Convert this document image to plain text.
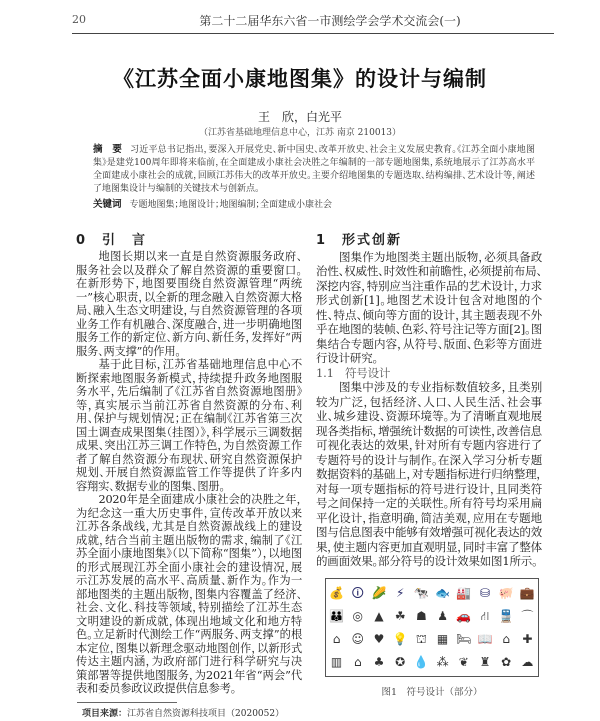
20	第二十二届华东六省一市测绘学会学术交流会(一)
《江苏全面小康地图集》的设计与编制
王　欣，白光平
（江苏省基础地理信息中心，江苏 南京 210013）
摘　要 习近平总书记指出，要深入开展党史、新中国史、改革开放史、社会主义发展史教育。《江苏全面小康地图集》是建党100周年即将来临前，在全面建成小康社会决胜之年编制的一部专题地图集，系统地展示了江苏高水平全面建成小康社会的成就，回顾江苏伟大的改革开放史。主要介绍地图集的专题选取、结构编排、艺术设计等，阐述了地图集设计与编制的关键技术与创新点。
关键词 专题地图集；地图设计；地图编制；全面建成小康社会

0　引　言

地图长期以来一直是自然资源服务政府、服务社会以及群众了解自然资源的重要窗口。在新形势下，地图要围绕自然资源管理“两统一”核心职责，以全新的理念融入自然资源大格局、融入生态文明建设，与自然资源管理的各项业务工作有机融合、深度融合，进一步明确地图服务工作的新定位、新方向、新任务，发挥好“两服务、两支撑”的作用。

基于此目标，江苏省基础地理信息中心不断探索地图服务新模式，持续提升政务地图服务水平，先后编制了《江苏省自然资源地图册》等，真实展示当前江苏省自然资源的分布、利用、保护与规划情况；正在编制《江苏省第三次国土调查成果图集（挂图）》，科学展示三调数据成果、突出江苏三调工作特色，为自然资源工作者了解自然资源分布现状、研究自然资源保护规划、开展自然资源监管工作等提供了许多内容翔实、数据专业的图集、图册。

2020年是全面建成小康社会的决胜之年，为纪念这一重大历史事件，宣传改革开放以来江苏各条战线，尤其是自然资源战线上的建设成就，结合当前主题出版物的需求，编制了《江苏全面小康地图集》（以下简称“图集”），以地图的形式展现江苏全面小康社会的建设情况，展示江苏发展的高水平、高质量、新作为。作为一部地图类的主题出版物，图集内容覆盖了经济、社会、文化、科技等领域，特别描绘了江苏生态文明建设的新成就，体现出地域文化和地方特色。立足新时代测绘工作“两服务、两支撑”的根本定位，图集以新理念驱动地图创作，以新形式传达主题内涵，为政府部门进行科学研究与决策部署等提供地图服务，为2021年省“两会”代表和委员参政议政提供信息参考。

1　形式创新

图集作为地图类主题出版物，必须具备政治性、权威性、时效性和前瞻性，必须提前布局、深挖内容，特别应当注重作品的艺术设计，力求形式创新[1]。地图艺术设计包含对地图的个性、特点、倾向等方面的设计，其主题表现不外乎在地图的装帧、色彩、符号注记等方面[2]。图集结合专题内容，从符号、版面、色彩等方面进行设计研究。

1.1　符号设计

图集中涉及的专业指标数值较多，且类别较为广泛，包括经济、人口、人民生活、社会事业、城乡建设、资源环境等。为了清晰直观地展现各类指标，增强统计数据的可读性，改善信息可视化表达的效果，针对所有专题内容进行了专题符号的设计与制作。在深入学习分析专题数据资料的基础上，对专题指标进行归纳整理，对每一项专题指标的符号进行设计，且同类符号之间保持一定的关联性。所有符号均采用扁平化设计，指意明确，简洁美观，应用在专题地图与信息图表中能够有效增强可视化表达的效果，使主题内容更加直观明显，同时丰富了整体的画面效果。部分符号的设计效果如图1所示。

💰 🛈 🌽 ⚡ 🐄 🐟 🏭 ⛁ 🐖 💼
👪 ◎ ▲ ☘ ☗ ♟ 🚗 ⛙ 🚆 ⌒
⌂ ☺ ♥ 💡 ⛫ ▦ 🛏 📖 ⌂ ✚
▥ ⌂ ♣ ✪ 💧 ⁂ ❦ ♜ ✿ ☁
图1　符号设计（部分）
项目来源：江苏省自然资源科技项目（2020052）
